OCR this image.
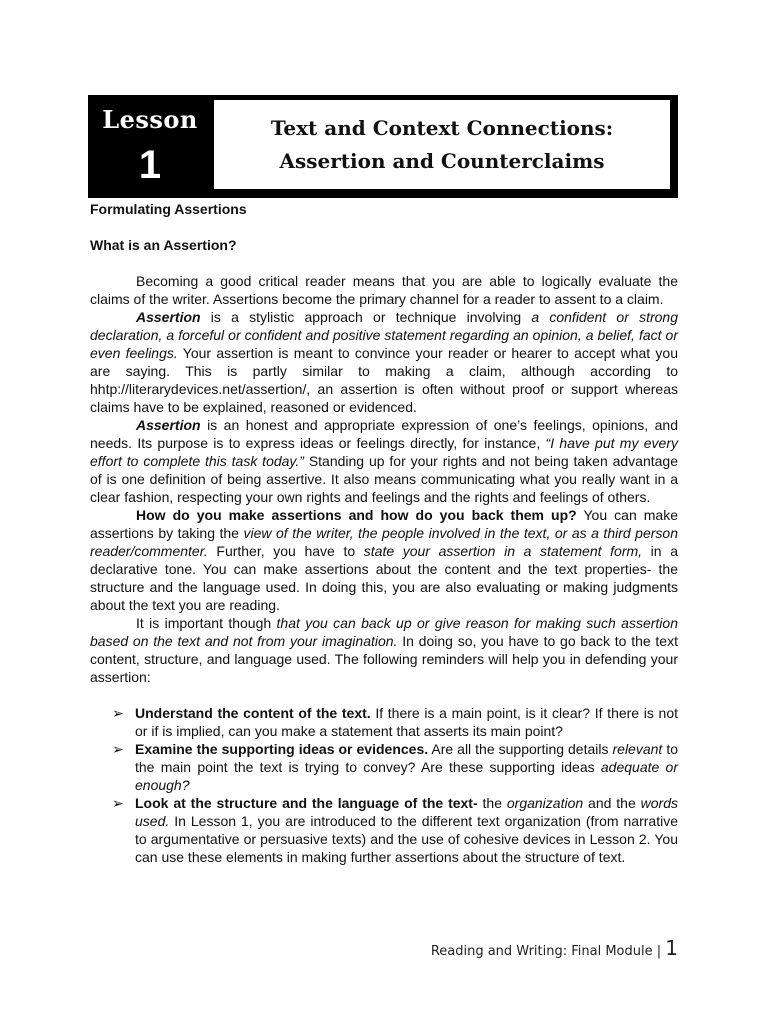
Lesson
1
Text and Context Connections:
Assertion and Counterclaims

Formulating Assertions

What is an Assertion?

Becoming a good critical reader means that you are able to logically evaluate the claims of the writer. Assertions become the primary channel for a reader to assent to a claim.

Assertion is a stylistic approach or technique involving a confident or strong declaration, a forceful or confident and positive statement regarding an opinion, a belief, fact or even feelings. Your assertion is meant to convince your reader or hearer to accept what you are saying. This is partly similar to making a claim, although according to hhtp://literarydevices.net/assertion/, an assertion is often without proof or support whereas claims have to be explained, reasoned or evidenced.

Assertion is an honest and appropriate expression of one’s feelings, opinions, and needs. Its purpose is to express ideas or feelings directly, for instance, “I have put my every effort to complete this task today.” Standing up for your rights and not being taken advantage of is one definition of being assertive. It also means communicating what you really want in a clear fashion, respecting your own rights and feelings and the rights and feelings of others.

How do you make assertions and how do you back them up? You can make assertions by taking the view of the writer, the people involved in the text, or as a third person reader/commenter. Further, you have to state your assertion in a statement form, in a declarative tone. You can make assertions about the content and the text properties- the structure and the language used. In doing this, you are also evaluating or making judgments about the text you are reading.

It is important though that you can back up or give reason for making such assertion based on the text and not from your imagination. In doing so, you have to go back to the text content, structure, and language used. The following reminders will help you in defending your assertion:

➢ Understand the content of the text. If there is a main point, is it clear? If there is not or if is implied, can you make a statement that asserts its main point?
➢ Examine the supporting ideas or evidences. Are all the supporting details relevant to the main point the text is trying to convey? Are these supporting ideas adequate or enough?
➢ Look at the structure and the language of the text- the organization and the words used. In Lesson 1, you are introduced to the different text organization (from narrative to argumentative or persuasive texts) and the use of cohesive devices in Lesson 2. You can use these elements in making further assertions about the structure of text.
Reading and Writing: Final Module | 1
